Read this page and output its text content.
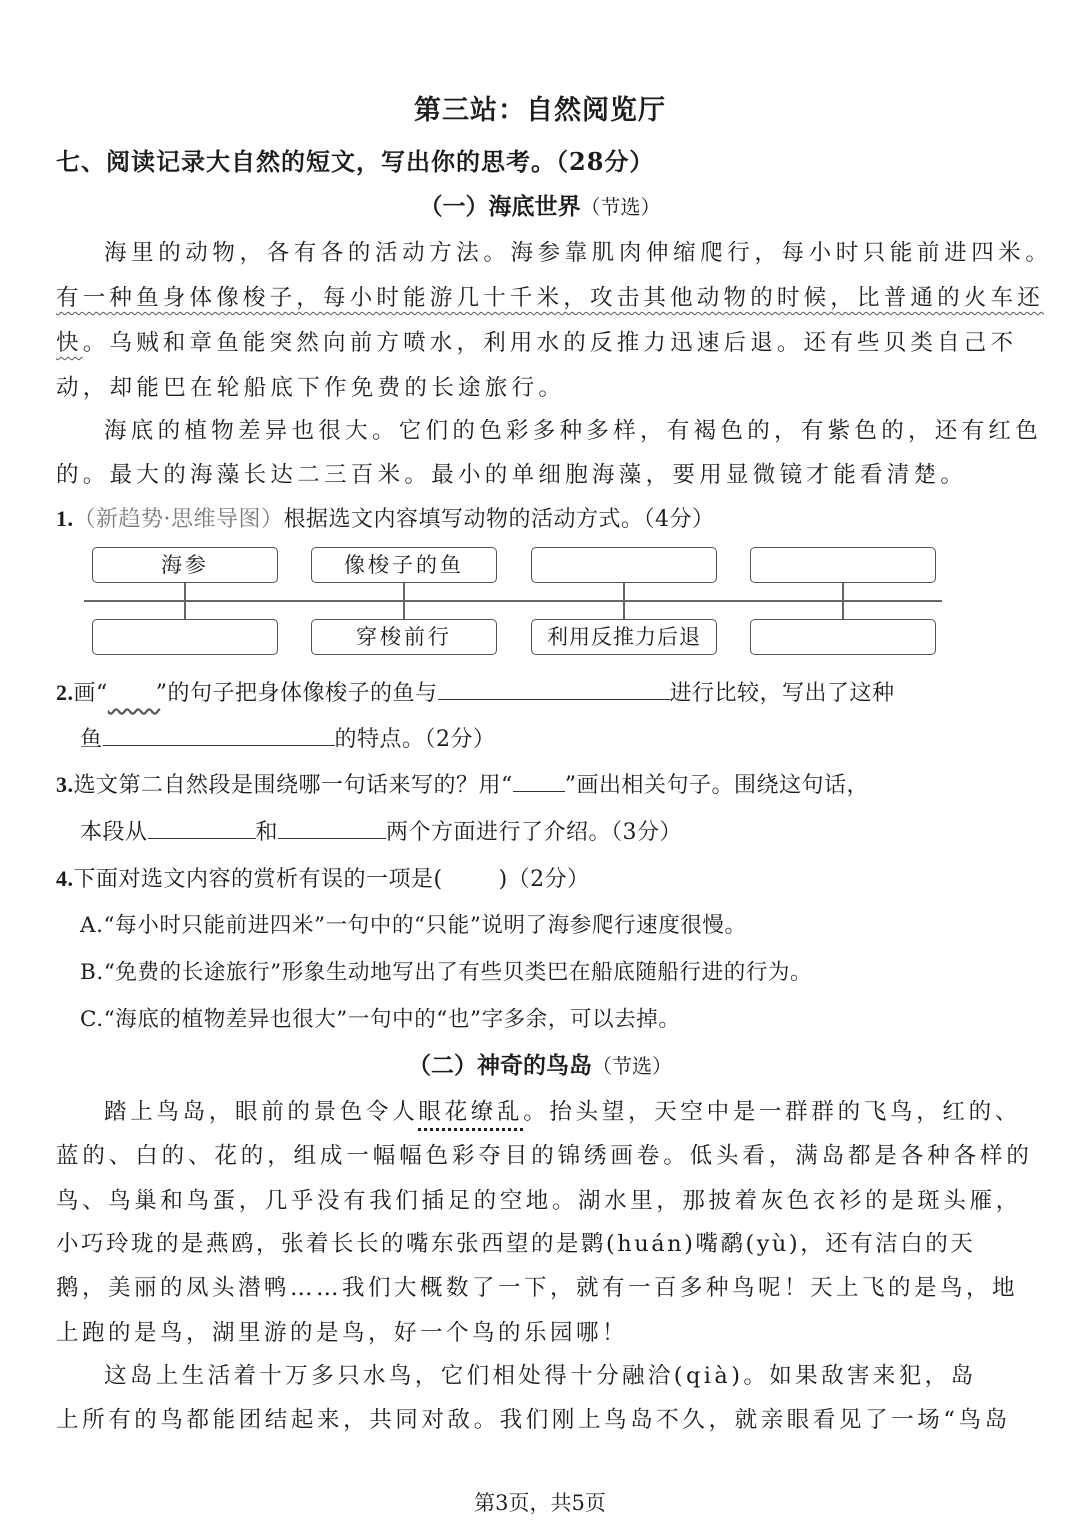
第三站：自然阅览厅
七、阅读记录大自然的短文，写出你的思考。（28分）
（一）海底世界（节选）
海里的动物，各有各的活动方法。海参靠肌肉伸缩爬行，每小时只能前进四米。
有一种鱼身体像梭子，每小时能游几十千米，攻击其他动物的时候，比普通的火车还
快。乌贼和章鱼能突然向前方喷水，利用水的反推力迅速后退。还有些贝类自己不
动，却能巴在轮船底下作免费的长途旅行。
海底的植物差异也很大。它们的色彩多种多样，有褐色的，有紫色的，还有红色
的。最大的海藻长达二三百米。最小的单细胞海藻，要用显微镜才能看清楚。
1.（新趋势·思维导图）根据选文内容填写动物的活动方式。（4分）
海参	像梭子的鱼
穿梭前行	利用反推力后退
2.画“​       ”的句子把身体像梭子的鱼与	进行比较，写出了这种
鱼	的特点。（2分）
3.选文第二自然段是围绕哪一句话来写的？用“ ”画出相关句子。围绕这句话，
本段从	和	两个方面进行了介绍。（3分）
4.下面对选文内容的赏析有误的一项是(	)（2分）
A.“每小时只能前进四米”一句中的“只能”说明了海参爬行速度很慢。
B.“免费的长途旅行”形象生动地写出了有些贝类巴在船底随船行进的行为。
C.“海底的植物差异也很大”一句中的“也”字多余，可以去掉。
（二）神奇的鸟岛（节选）
踏上鸟岛，眼前的景色令人眼花缭乱。抬头望，天空中是一群群的飞鸟，红的、
蓝的、白的、花的，组成一幅幅色彩夺目的锦绣画卷。低头看，满岛都是各种各样的
鸟、鸟巢和鸟蛋，几乎没有我们插足的空地。湖水里，那披着灰色衣衫的是斑头雁，
小巧玲珑的是燕鸥，张着长长的嘴东张西望的是鹮(huán)嘴鹬(yù)，还有洁白的天
鹅，美丽的凤头潜鸭……我们大概数了一下，就有一百多种鸟呢！天上飞的是鸟，地
上跑的是鸟，湖里游的是鸟，好一个鸟的乐园哪！
这岛上生活着十万多只水鸟，它们相处得十分融洽(qià)。如果敌害来犯，岛
上所有的鸟都能团结起来，共同对敌。我们刚上鸟岛不久，就亲眼看见了一场“鸟岛
第3页，共5页
